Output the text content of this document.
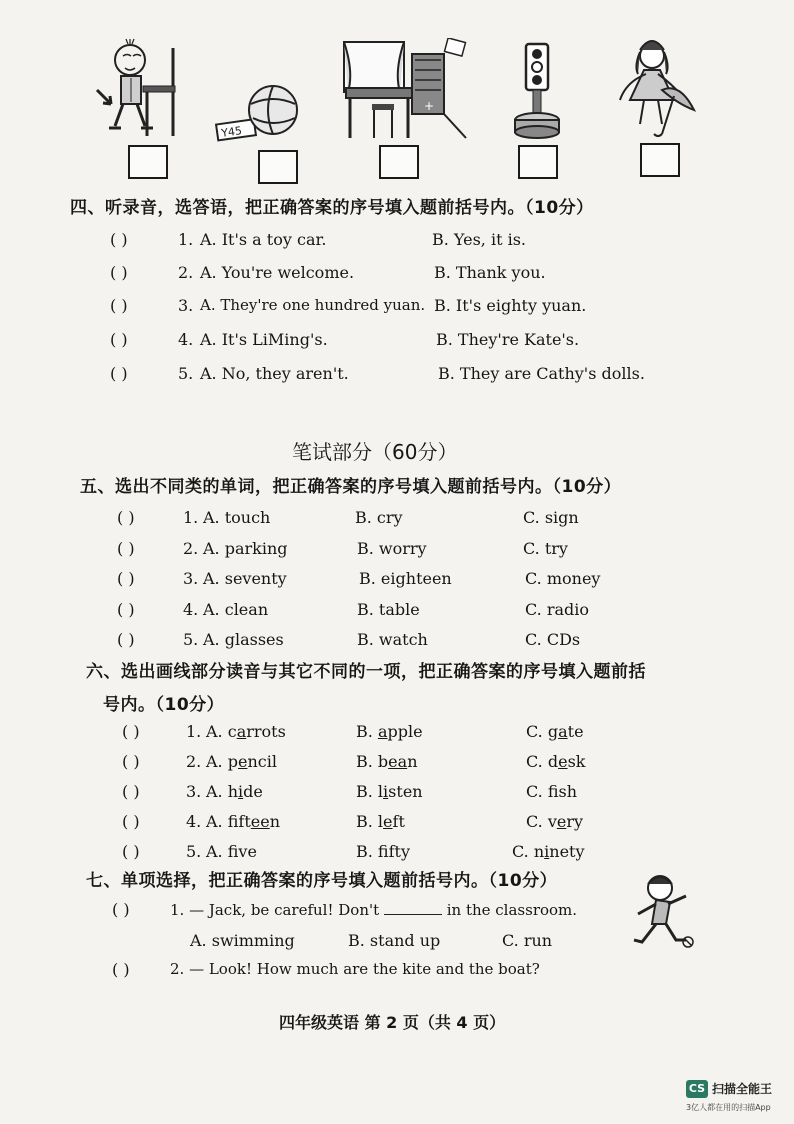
Y45
+
四、听录音，选答语，把正确答案的序号填入题前括号内。（10分）
( )	1. A. It's a toy car.	B. Yes, it is.
( )	2. A. You're welcome.	B. Thank you.
( )	3. A. They're one hundred yuan. B. It's eighty yuan.
( )	4. A. It's LiMing's.	B. They're Kate's.
( )	5. A. No, they aren't.	B. They are Cathy's dolls.
笔试部分（60分）
五、选出不同类的单词，把正确答案的序号填入题前括号内。（10分）
( )	1. A. touch	B. cry	C. sign
( )	2. A. parking	B. worry	C. try
( )	3. A. seventy	B. eighteen	C. money
( )	4. A. clean	B. table	C. radio
( )	5. A. glasses	B. watch	C. CDs
六、选出画线部分读音与其它不同的一项，把正确答案的序号填入题前括
号内。（10分）
( )	1. A. carrots	B. apple	C. gate
( )	2. A. pencil	B. bean	C. desk
( )	3. A. hide	B. listen	C. fsh
( )	4. A. fifteen	B. left	C. very
( )	5. A. fve	B. ffty	C. ninety
七、单项选择，把正确答案的序号填入题前括号内。（10分）
( )	1. — Jack, be careful! Don't	in the classroom.
A. swimming	B. stand up	C. run
( )	2. — Look! How much are the kite and the boat?
四年级英语 第 2 页（共 4 页）
CS 扫描全能王
3亿人都在用的扫描App
